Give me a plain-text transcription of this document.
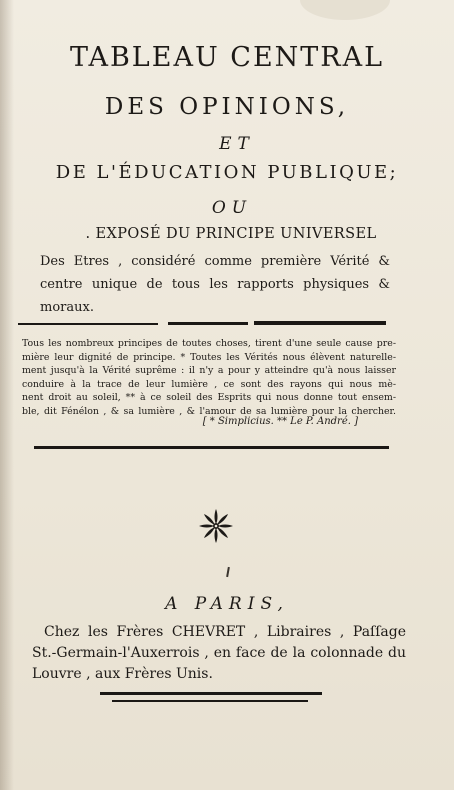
TABLEAU CENTRAL
DES OPINIONS,
ET
DE L'ÉDUCATION PUBLIQUE;
OU
. EXPOSÉ DU PRINCIPE UNIVERSEL
Des Etres , considéré comme première Vérité &
centre unique de tous les rapports physiques &
moraux.
Tous les nombreux principes de toutes choses, tirent d'une seule cause pre-
mière leur dignité de principe. * Toutes les Vérités nous élèvent naturelle-
ment jusqu'à la Vérité suprême : il n'y a pour y atteindre qu'à nous laisser
conduire à la trace de leur lumière , ce sont des rayons qui nous mè-
nent droit au soleil, ** à ce soleil des Esprits qui nous donne tout ensem-
ble, dit Fénélon , & sa lumière , & l'amour de sa lumière pour la chercher.
[ * Simplicius. ** Le P. André. ]
A PARIS,
Chez les Frères CHEVRET , Libraires , Paſſage
St.-Germain-l'Auxerrois , en face de la colonnade du
Louvre , aux Frères Unis.
